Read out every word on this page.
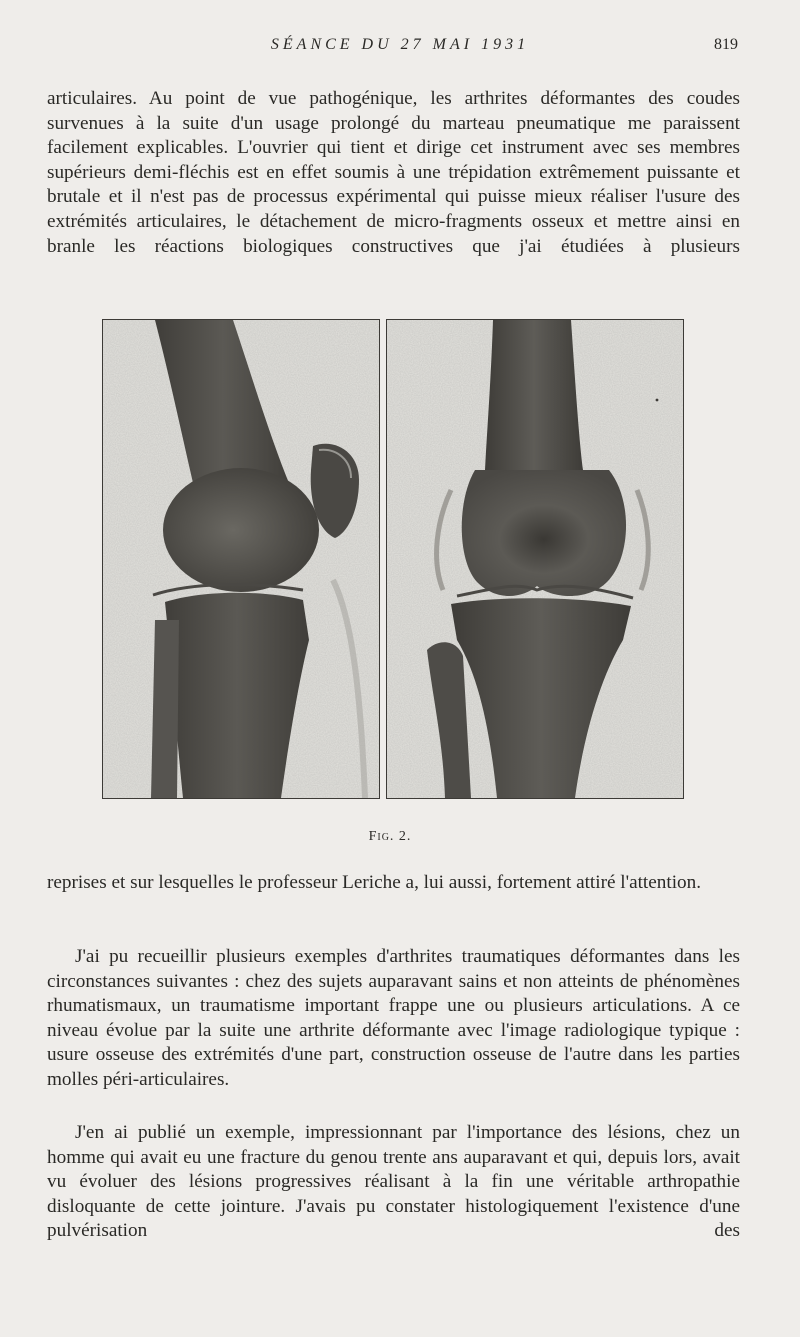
SÉANCE DU 27 MAI 1931	819

articulaires. Au point de vue pathogénique, les arthrites déformantes des coudes survenues à la suite d'un usage prolongé du marteau pneumatique me paraissent facilement explicables. L'ouvrier qui tient et dirige cet instrument avec ses membres supérieurs demi-fléchis est en effet soumis à une trépidation extrêmement puissante et brutale et il n'est pas de processus expérimental qui puisse mieux réaliser l'usure des extrémités articulaires, le détachement de micro-fragments osseux et mettre ainsi en branle les réactions biologiques constructives que j'ai étudiées à plusieurs

Fig. 2.

reprises et sur lesquelles le professeur Leriche a, lui aussi, fortement attiré l'attention.

J'ai pu recueillir plusieurs exemples d'arthrites traumatiques déformantes dans les circonstances suivantes : chez des sujets auparavant sains et non atteints de phénomènes rhumatismaux, un traumatisme important frappe une ou plusieurs articulations. A ce niveau évolue par la suite une arthrite déformante avec l'image radiologique typique : usure osseuse des extrémités d'une part, construction osseuse de l'autre dans les parties molles péri-articulaires.

J'en ai publié un exemple, impressionnant par l'importance des lésions, chez un homme qui avait eu une fracture du genou trente ans auparavant et qui, depuis lors, avait vu évoluer des lésions progressives réalisant à la fin une véritable arthropathie disloquante de cette jointure. J'avais pu constater histologiquement l'existence d'une pulvérisation des
